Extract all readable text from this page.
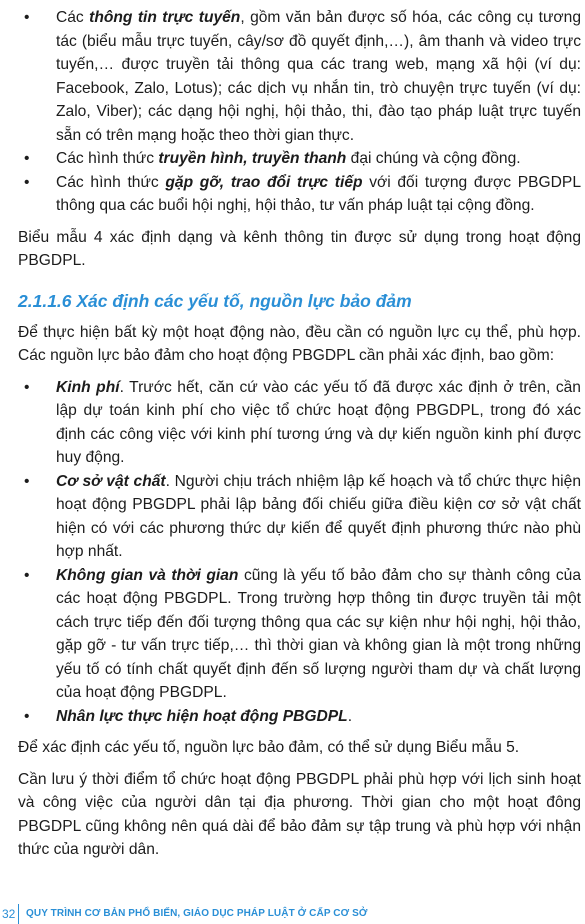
• Các thông tin trực tuyến, gồm văn bản được số hóa, các công cụ tương tác (biểu mẫu trực tuyến, cây/sơ đồ quyết định,…), âm thanh và video trực tuyến,… được truyền tải thông qua các trang web, mạng xã hội (ví dụ: Facebook, Zalo, Lotus); các dịch vụ nhắn tin, trò chuyện trực tuyến (ví dụ: Zalo, Viber); các dạng hội nghị, hội thảo, thi, đào tạo pháp luật trực tuyến sẵn có trên mạng hoặc theo thời gian thực.
• Các hình thức truyền hình, truyền thanh đại chúng và cộng đồng.
• Các hình thức gặp gỡ, trao đổi trực tiếp với đối tượng được PBGDPL thông qua các buổi hội nghị, hội thảo, tư vấn pháp luật tại cộng đồng.

Biểu mẫu 4 xác định dạng và kênh thông tin được sử dụng trong hoạt động PBGDPL.

2.1.1.6 Xác định các yếu tố, nguồn lực bảo đảm

Để thực hiện bất kỳ một hoạt động nào, đều cần có nguồn lực cụ thể, phù hợp. Các nguồn lực bảo đảm cho hoạt động PBGDPL cần phải xác định, bao gồm:

• Kinh phí. Trước hết, căn cứ vào các yếu tố đã được xác định ở trên, cần lập dự toán kinh phí cho việc tổ chức hoạt động PBGDPL, trong đó xác định các công việc với kinh phí tương ứng và dự kiến nguồn kinh phí được huy động.
• Cơ sở vật chất. Người chịu trách nhiệm lập kế hoạch và tổ chức thực hiện hoạt động PBGDPL phải lập bảng đối chiếu giữa điều kiện cơ sở vật chất hiện có với các phương thức dự kiến để quyết định phương thức nào phù hợp nhất.
• Không gian và thời gian cũng là yếu tố bảo đảm cho sự thành công của các hoạt động PBGDPL. Trong trường hợp thông tin được truyền tải một cách trực tiếp đến đối tượng thông qua các sự kiện như hội nghị, hội thảo, gặp gỡ - tư vấn trực tiếp,… thì thời gian và không gian là một trong những yếu tố có tính chất quyết định đến số lượng người tham dự và chất lượng của hoạt động PBGDPL.
• Nhân lực thực hiện hoạt động PBGDPL.

Để xác định các yếu tố, nguồn lực bảo đảm, có thể sử dụng Biểu mẫu 5.

Cần lưu ý thời điểm tổ chức hoạt động PBGDPL phải phù hợp với lịch sinh hoạt và công việc của người dân tại địa phương. Thời gian cho một hoạt đông PBGDPL cũng không nên quá dài để bảo đảm sự tập trung và phù hợp với nhận thức của người dân.

32 QUY TRÌNH CƠ BẢN PHỔ BIẾN, GIÁO DỤC PHÁP LUẬT Ở CẤP CƠ SỞ
